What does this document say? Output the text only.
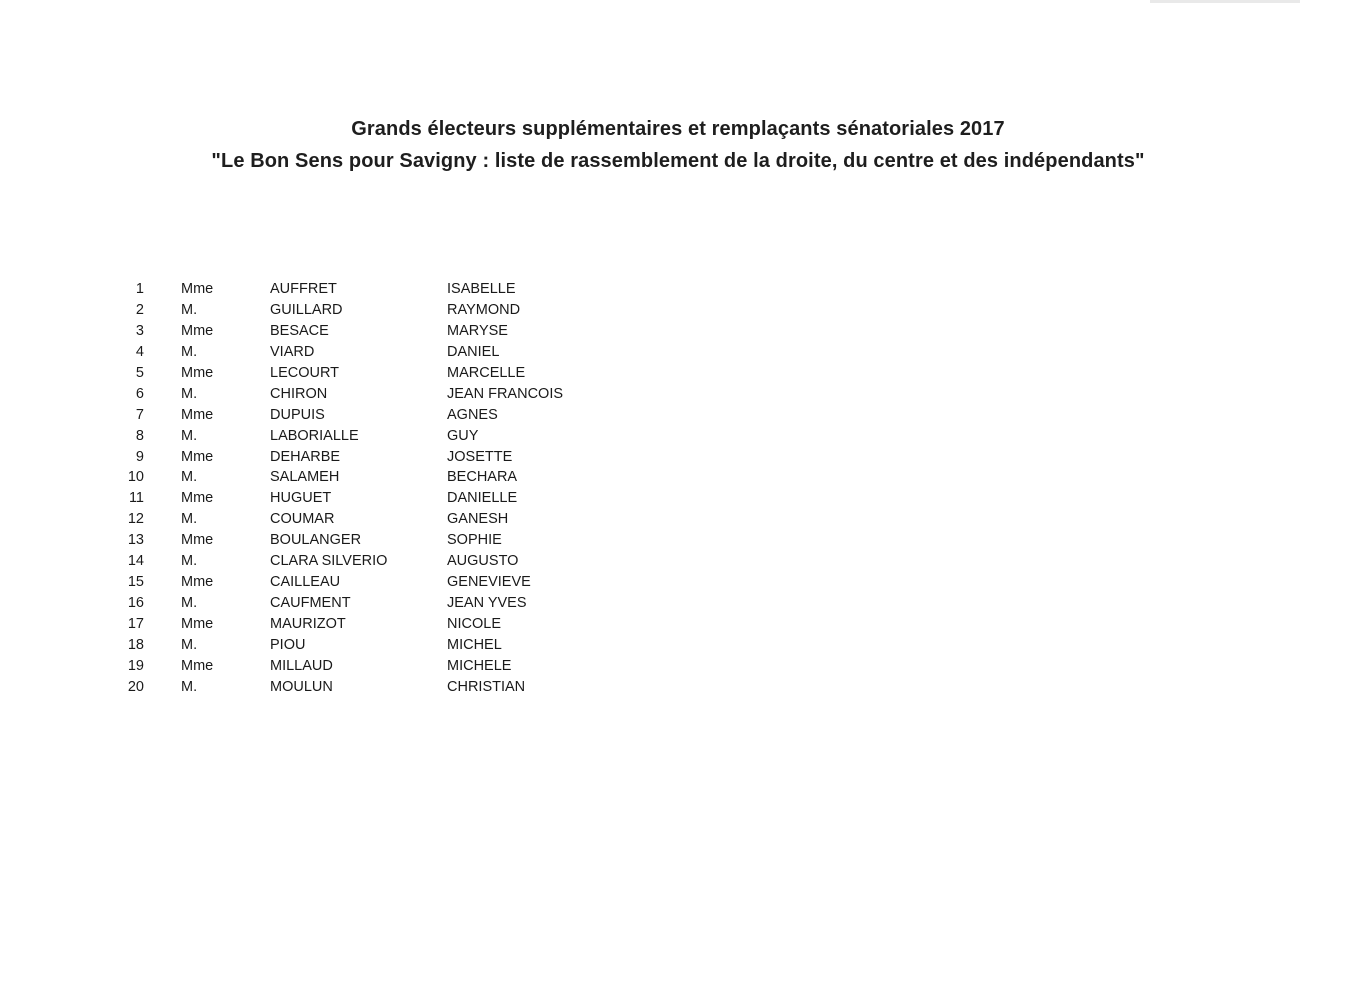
Grands électeurs supplémentaires et remplaçants sénatoriales 2017
"Le Bon Sens pour Savigny : liste de rassemblement de la droite, du centre et des indépendants"
1	Mme	AUFFRET	ISABELLE
2	M.	GUILLARD	RAYMOND
3	Mme	BESACE	MARYSE
4	M.	VIARD	DANIEL
5	Mme	LECOURT	MARCELLE
6	M.	CHIRON	JEAN FRANCOIS
7	Mme	DUPUIS	AGNES
8	M.	LABORIALLE	GUY
9	Mme	DEHARBE	JOSETTE
10	M.	SALAMEH	BECHARA
11	Mme	HUGUET	DANIELLE
12	M.	COUMAR	GANESH
13	Mme	BOULANGER	SOPHIE
14	M.	CLARA SILVERIO	AUGUSTO
15	Mme	CAILLEAU	GENEVIEVE
16	M.	CAUFMENT	JEAN YVES
17	Mme	MAURIZOT	NICOLE
18	M.	PIOU	MICHEL
19	Mme	MILLAUD	MICHELE
20	M.	MOULUN	CHRISTIAN
